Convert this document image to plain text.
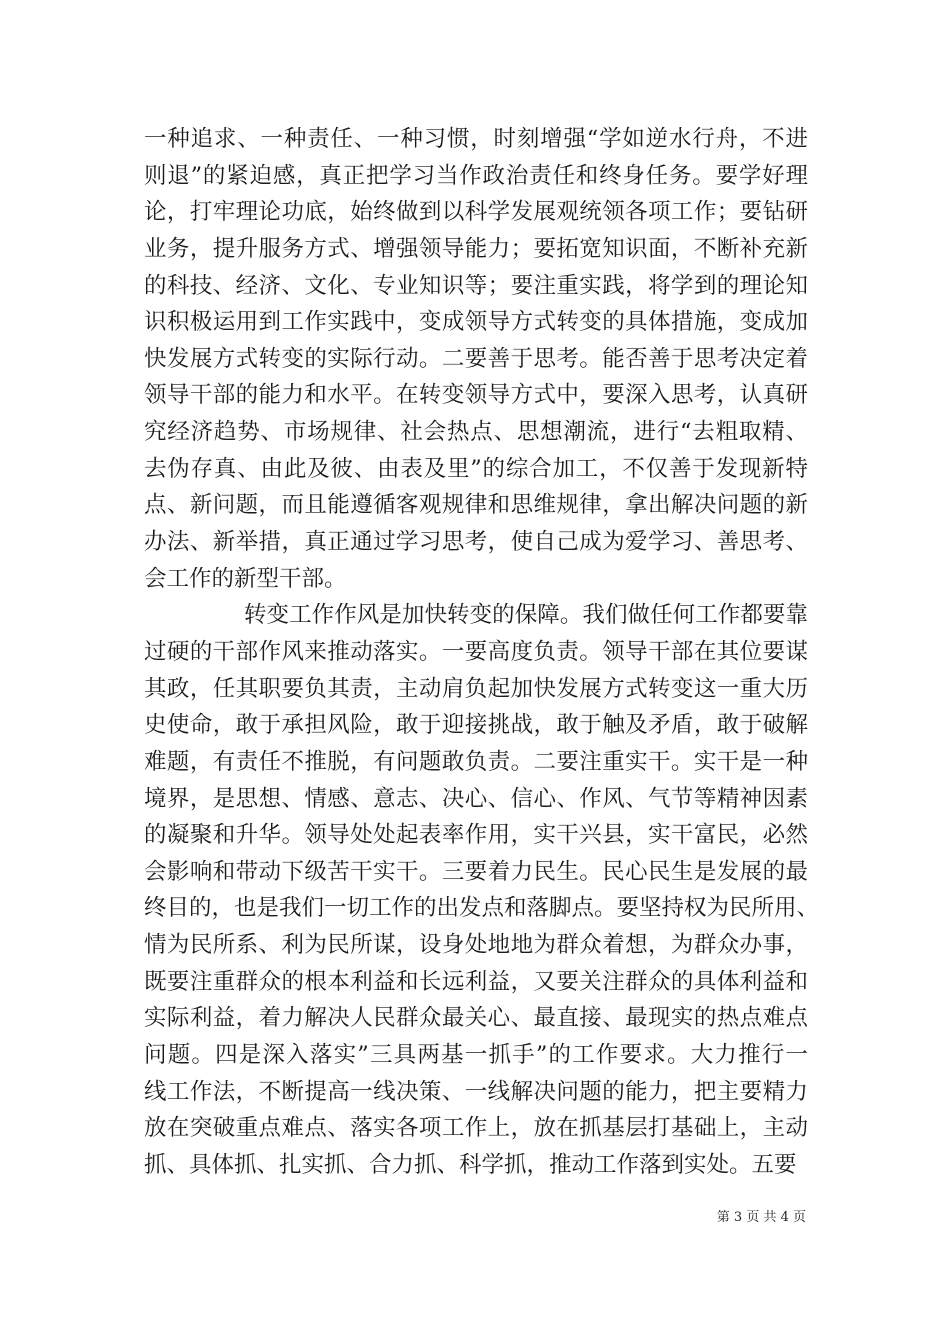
一种追求、一种责任、一种习惯，时刻增强“学如逆水行舟，不进
则退”的紧迫感，真正把学习当作政治责任和终身任务。要学好理
论，打牢理论功底，始终做到以科学发展观统领各项工作；要钻研
业务，提升服务方式、增强领导能力；要拓宽知识面，不断补充新
的科技、经济、文化、专业知识等；要注重实践，将学到的理论知
识积极运用到工作实践中，变成领导方式转变的具体措施，变成加
快发展方式转变的实际行动。二要善于思考。能否善于思考决定着
领导干部的能力和水平。在转变领导方式中，要深入思考，认真研
究经济趋势、市场规律、社会热点、思想潮流，进行“去粗取精、
去伪存真、由此及彼、由表及里”的综合加工，不仅善于发现新特
点、新问题，而且能遵循客观规律和思维规律，拿出解决问题的新
办法、新举措，真正通过学习思考，使自己成为爱学习、善思考、
会工作的新型干部。
转变工作作风是加快转变的保障。我们做任何工作都要靠
过硬的干部作风来推动落实。一要高度负责。领导干部在其位要谋
其政，任其职要负其责，主动肩负起加快发展方式转变这一重大历
史使命，敢于承担风险，敢于迎接挑战，敢于触及矛盾，敢于破解
难题，有责任不推脱，有问题敢负责。二要注重实干。实干是一种
境界，是思想、情感、意志、决心、信心、作风、气节等精神因素
的凝聚和升华。领导处处起表率作用，实干兴县，实干富民，必然
会影响和带动下级苦干实干。三要着力民生。民心民生是发展的最
终目的，也是我们一切工作的出发点和落脚点。要坚持权为民所用、
情为民所系、利为民所谋，设身处地地为群众着想，为群众办事，
既要注重群众的根本利益和长远利益，又要关注群众的具体利益和
实际利益，着力解决人民群众最关心、最直接、最现实的热点难点
问题。四是深入落实”三具两基一抓手”的工作要求。大力推行一
线工作法，不断提高一线决策、一线解决问题的能力，把主要精力
放在突破重点难点、落实各项工作上，放在抓基层打基础上，主动
抓、具体抓、扎实抓、合力抓、科学抓，推动工作落到实处。五要
第 3 页 共 4 页
